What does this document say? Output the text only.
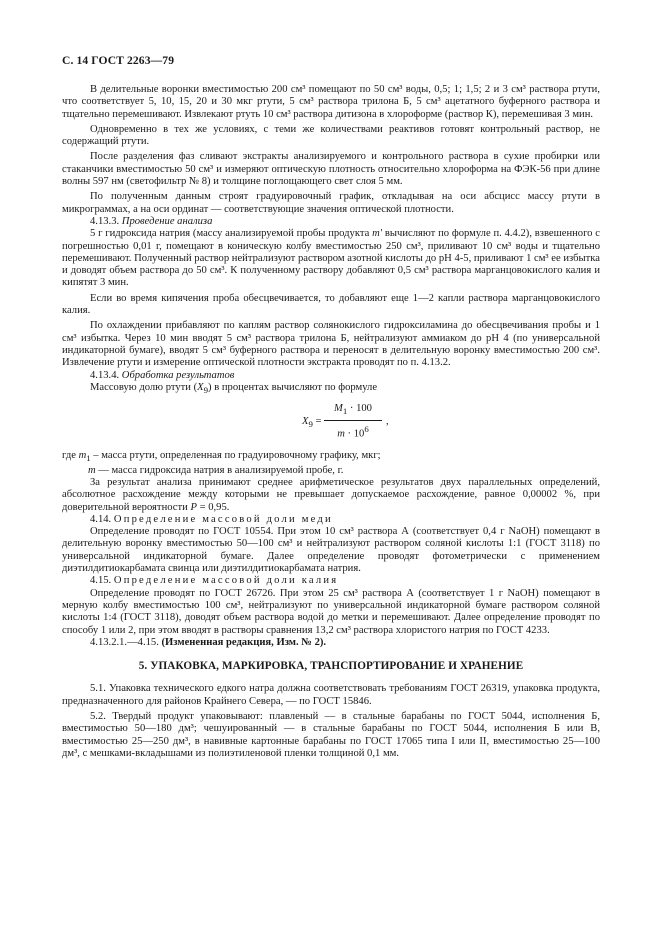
С. 14 ГОСТ 2263—79

В делительные воронки вместимостью 200 см³ помещают по 50 см³ воды, 0,5; 1; 1,5; 2 и 3 см³ раствора ртути, что соответствует 5, 10, 15, 20 и 30 мкг ртути, 5 см³ раствора трилона Б, 5 см³ ацетатного буферного раствора и тщательно перемешивают. Извлекают ртуть 10 см³ раствора дитизона в хлороформе (раствор К), перемешивая 3 мин.

Одновременно в тех же условиях, с теми же количествами реактивов готовят контрольный раствор, не содержащий ртути.

После разделения фаз сливают экстракты анализируемого и контрольного раствора в сухие пробирки или стаканчики вместимостью 50 см³ и измеряют оптическую плотность относительно хлороформа на ФЭК-56 при длине волны 597 нм (светофильтр № 8) и толщине поглощающего свет слоя 5 мм.

По полученным данным строят градуировочный график, откладывая на оси абсцисс массу ртути в микрограммах, а на оси ординат — соответствующие значения оптической плотности.

4.13.3. Проведение анализа

5 г гидроксида натрия (массу анализируемой пробы продукта m' вычисляют по формуле п. 4.4.2), взвешенного с погрешностью 0,01 г, помещают в коническую колбу вместимостью 250 см³, приливают 10 см³ воды и тщательно перемешивают. Полученный раствор нейтрализуют раствором азотной кислоты до рН 4-5, приливают 1 см³ ее избытка и доводят объем раствора до 50 см³. К полученному раствору добавляют 0,5 см³ раствора марганцовокислого калия и кипятят 3 мин.

Если во время кипячения проба обесцвечивается, то добавляют еще 1—2 капли раствора марганцовокислого калия.

По охлаждении прибавляют по каплям раствор солянокислого гидроксиламина до обесцвечивания пробы и 1 см³ избытка. Через 10 мин вводят 5 см³ раствора трилона Б, нейтрализуют аммиаком до рН 4 (по универсальной индикаторной бумаге), вводят 5 см³ буферного раствора и переносят в делительную воронку вместимостью 200 см³. Извлечение ртути и измерение оптической плотности экстракта проводят по п. 4.13.2.

4.13.4. Обработка результатов

Массовую долю ртути $(X_9)$ в процентах вычисляют по формуле

$X_9 = \frac{M_1 \cdot 100}{m \cdot 10^6}$ ,

где $m_1$ – масса ртути, определенная по градуировочному графику, мкг;

m — масса гидроксида натрия в анализируемой пробе, г.

За результат анализа принимают среднее арифметическое результатов двух параллельных определений, абсолютное расхождение между которыми не превышает допускаемое расхождение, равное 0,00002 %, при доверительной вероятности P = 0,95.

4.14. Определение массовой доли меди

Определение проводят по ГОСТ 10554. При этом 10 см³ раствора А (соответствует 0,4 г NaOH) помещают в делительную воронку вместимостью 50—100 см³ и нейтрализуют раствором соляной кислоты 1:1 (ГОСТ 3118) по универсальной индикаторной бумаге. Далее определение проводят фотометрически с применением диэтилдитиокарбамата свинца или диэтилдитиокарбамата натрия.

4.15. Определение массовой доли калия

Определение проводят по ГОСТ 26726. При этом 25 см³ раствора А (соответствует 1 г NaOH) помещают в мерную колбу вместимостью 100 см³, нейтрализуют по универсальной индикаторной бумаге раствором соляной кислоты 1:4 (ГОСТ 3118), доводят объем раствора водой до метки и перемешивают. Далее определение проводят по способу 1 или 2, при этом вводят в растворы сравнения 13,2 см³ раствора хлористого натрия по ГОСТ 4233.

4.13.2.1.—4.15. (Измененная редакция, Изм. № 2).

5. УПАКОВКА, МАРКИРОВКА, ТРАНСПОРТИРОВАНИЕ И ХРАНЕНИЕ

5.1. Упаковка технического едкого натра должна соответствовать требованиям ГОСТ 26319, упаковка продукта, предназначенного для районов Крайнего Севера, — по ГОСТ 15846.

5.2. Твердый продукт упаковывают: плавленый — в стальные барабаны по ГОСТ 5044, исполнения Б, вместимостью 50—180 дм³; чешуированный — в стальные барабаны по ГОСТ 5044, исполнения Б или В, вместимостью 25—250 дм³, в навивные картонные барабаны по ГОСТ 17065 типа I или II, вместимостью 25—100 дм³, с мешками-вкладышами из полиэтиленовой пленки толщиной 0,1 мм.
